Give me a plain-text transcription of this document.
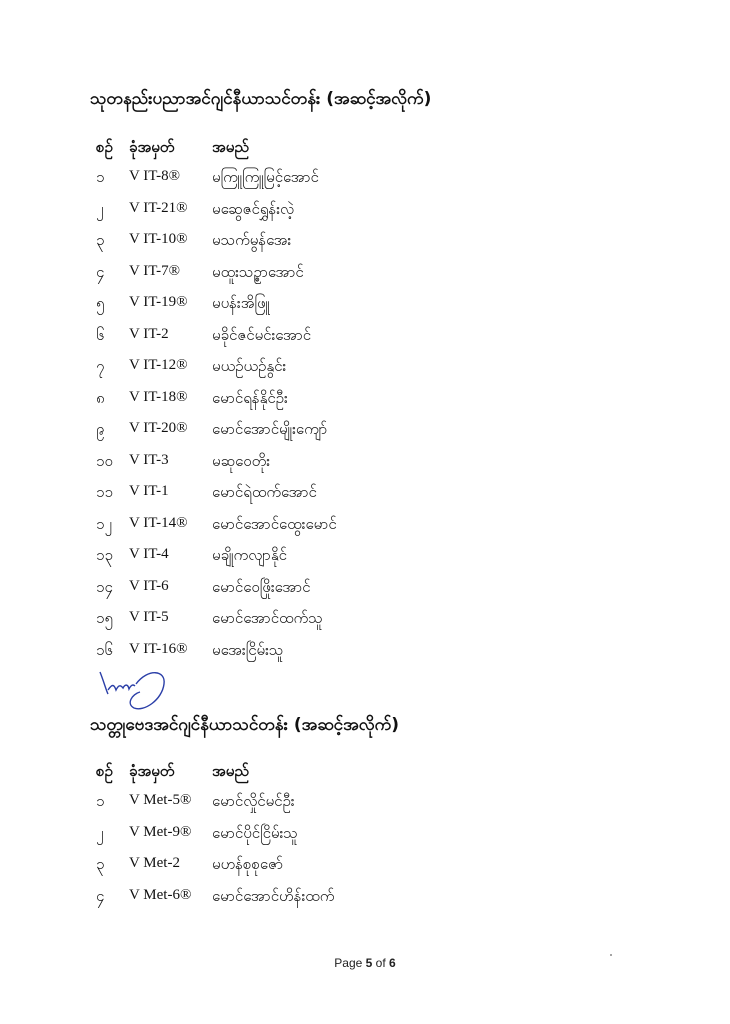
သုတနည်းပညာအင်ဂျင်နီယာသင်တန်း (အဆင့်အလိုက်)
စဥ်	ခုံအမှတ်	အမည်
၁	V IT-8® မကြူကြူမြင့်အောင်
၂	V IT-21® မဆွေဇင်ရွှန်းလဲ့
၃	V IT-10® မသက်မွန်အေး
၄	V IT-7® မထူးသဥ္စာအောင်
၅	V IT-19® မပန်းအိဖြူ
၆	V IT-2	မခိုင်ဇင်မင်းအောင်
၇	V IT-12® မယဉ်ယဉ်နွင်း
၈	V IT-18® မောင်ရန်နိုင်ဦး
၉	V IT-20® မောင်အောင်မျိုးကျော်
၁၀	V IT-3	မဆုဝေတိုး
၁၁	V IT-1	မောင်ရဲထက်အောင်
၁၂	V IT-14® မောင်အောင်ထွေးမောင်
၁၃	V IT-4	မချိုကလျာနိုင်
၁၄	V IT-6	မောင်ဝေဖြိုးအောင်
၁၅	V IT-5	မောင်အောင်ထက်သူ
၁၆	V IT-16® မအေးငြိမ်းသူ
သတ္တုဗေဒအင်ဂျင်နီယာသင်တန်း (အဆင့်အလိုက်)
စဥ်	ခုံအမှတ်	အမည်
၁	V Met-5® မောင်လှိုင်မင်ဦး
၂	V Met-9® မောင်ပိုင်ငြိမ်းသူ
၃	V Met-2 မဟန်စုစုဇော်
၄	V Met-6® မောင်အောင်ဟိန်းထက်
Page 5 of 6
